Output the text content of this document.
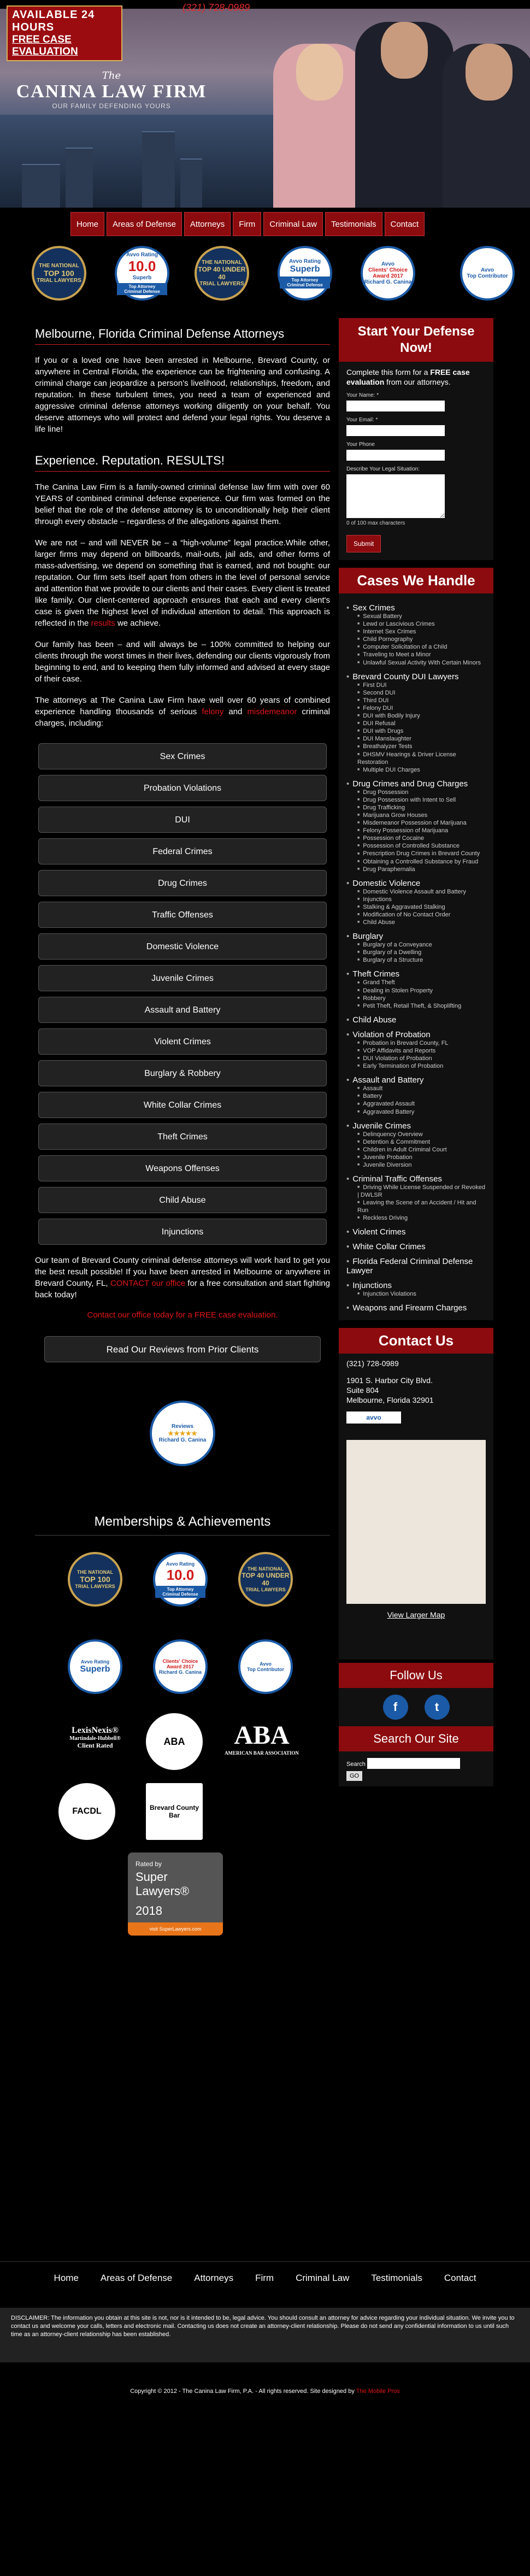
AVAILABLE 24 HOURS
FREE CASE EVALUATION
(321) 728-0989
The
CANINA LAW FIRM
OUR FAMILY DEFENDING YOURS
Home	Areas of Defense	Attorneys	Firm	Criminal Law	Testimonials	Contact
THE NATIONAL
TOP 100
TRIAL LAWYERS
Avvo Rating
10.0
Superb
Top Attorney Criminal Defense
THE NATIONAL
TOP 40 UNDER 40
TRIAL LAWYERS
Avvo Rating
Superb
Top Attorney Criminal Defense
Avvo
Clients' Choice Award 2017
Richard G. Canina
Avvo
Top Contributor
Melbourne, Florida Criminal Defense Attorneys

If you or a loved one have been arrested in Melbourne, Brevard County, or anywhere in Central Florida, the experience can be frightening and confusing. A criminal charge can jeopardize a person's livelihood, relationships, freedom, and reputation. In these turbulent times, you need a team of experienced and aggressive criminal defense attorneys working diligently on your behalf. You deserve attorneys who will protect and defend your legal rights. You deserve a life line!

Experience. Reputation. RESULTS!

The Canina Law Firm is a family-owned criminal defense law firm with over 60 YEARS of combined criminal defense experience. Our firm was formed on the belief that the role of the defense attorney is to unconditionally help their client through every obstacle – regardless of the allegations against them.

We are not – and will NEVER be – a “high-volume” legal practice.While other, larger firms may depend on billboards, mail-outs, jail ads, and other forms of mass-advertising, we depend on something that is earned, and not bought: our reputation. Our firm sets itself apart from others in the level of personal service and attention that we provide to our clients and their cases. Every client is treated like family. Our client-centered approach ensures that each and every client's case is given the highest level of individual attention to detail. This approach is reflected in the results we achieve.

Our family has been – and will always be – 100% committed to helping our clients through the worst times in their lives, defending our clients vigorously from beginning to end, and to keeping them fully informed and advised at every stage of their case.

The attorneys at The Canina Law Firm have well over 60 years of combined experience handling thousands of serious felony and misdemeanor criminal charges, including:

Sex Crimes
Probation Violations
DUI
Federal Crimes
Drug Crimes
Traffic Offenses
Domestic Violence
Juvenile Crimes
Assault and Battery
Violent Crimes
Burglary & Robbery
White Collar Crimes
Theft Crimes
Weapons Offenses
Child Abuse
Injunctions

Our team of Brevard County criminal defense attorneys will work hard to get you the best result possible! If you have been arrested in Melbourne or anywhere in Brevard County, FL, CONTACT our office for a free consultation and start fighting back today!

Contact our office today for a FREE case evaluation.

Read Our Reviews from Prior Clients
Reviews
★★★★★
Richard G. Canina
Memberships & Achievements
THE NATIONAL
TOP 100
TRIAL LAWYERS
Avvo Rating
10.0
Top Attorney Criminal Defense
THE NATIONAL
TOP 40 UNDER 40
TRIAL LAWYERS
Avvo Rating
Superb
Clients' Choice Award 2017
Richard G. Canina
Avvo
Top Contributor
LexisNexis®
Martindale-Hubbell®
Client Rated	ABA ABA
AMERICAN BAR ASSOCIATION
FACDL	Brevard County Bar
Rated by
Super Lawyers®
2018
visit SuperLawyers.com
Start Your Defense Now!

Complete this form for a FREE case evaluation from our attorneys.

Your Name: *
Your Email: *
Your Phone
Describe Your Legal Situation:
0 of 100 max characters
Submit
Cases We Handle
• Sex Crimes
■ Sexual Battery
■ Lewd or Lascivious Crimes
■ Internet Sex Crimes
■ Child Pornography
■ Computer Solicitation of a Child
■ Traveling to Meet a Minor
■ Unlawful Sexual Activity With Certain Minors
• Brevard County DUI Lawyers
■ First DUI
■ Second DUI
■ Third DUI
■ Felony DUI
■ DUI with Bodily Injury
■ DUI Refusal
■ DUI with Drugs
■ DUI Manslaughter
■ Breathalyzer Tests
■ DHSMV Hearings & Driver License Restoration
■ Multiple DUI Charges
• Drug Crimes and Drug Charges
■ Drug Possession
■ Drug Possession with Intent to Sell
■ Drug Trafficking
■ Marijuana Grow Houses
■ Misdemeanor Possession of Marijuana
■ Felony Possession of Marijuana
■ Possession of Cocaine
■ Possession of Controlled Substance
■ Prescription Drug Crimes in Brevard County
■ Obtaining a Controlled Substance by Fraud
■ Drug Paraphernalia
• Domestic Violence
■ Domestic Violence Assault and Battery
■ Injunctions
■ Stalking & Aggravated Stalking
■ Modification of No Contact Order
■ Child Abuse
• Burglary
■ Burglary of a Conveyance
■ Burglary of a Dwelling
■ Burglary of a Structure
• Theft Crimes
■ Grand Theft
■ Dealing in Stolen Property
■ Robbery
■ Petit Theft, Retail Theft, & Shoplifting
• Child Abuse
• Violation of Probation
■ Probation in Brevard County, FL
■ VOP Affidavits and Reports
■ DUI Violation of Probation
■ Early Termination of Probation
• Assault and Battery
■ Assault
■ Battery
■ Aggravated Assault
■ Aggravated Battery
• Juvenile Crimes
■ Delinquency Overview
■ Detention & Commitment
■ Children in Adult Criminal Court
■ Juvenile Probation
■ Juvenile Diversion
• Criminal Traffic Offenses
■ Driving While License Suspended or Revoked | DWLSR
■ Leaving the Scene of an Accident / Hit and Run
■ Reckless Driving
• Violent Crimes
• White Collar Crimes
• Florida Federal Criminal Defense Lawyer
• Injunctions
■ Injunction Violations
• Weapons and Firearm Charges
Contact Us
(321) 728-0989
1901 S. Harbor City Blvd.
Suite 804
Melbourne, Florida 32901
avvo
View Larger Map
Follow Us
f	t
Search Our Site
Search
GO
Home Areas of Defense Attorneys Firm Criminal Law Testimonials Contact
DISCLAIMER: The information you obtain at this site is not, nor is it intended to be, legal advice. You should consult an attorney for advice regarding your individual situation. We invite you to contact us and welcome your calls, letters and electronic mail. Contacting us does not create an attorney-client relationship. Please do not send any confidential information to us until such time as an attorney-client relationship has been established.
Copyright © 2012 - The Canina Law Firm, P.A. - All rights reserved. Site designed by The Mobile Pros
